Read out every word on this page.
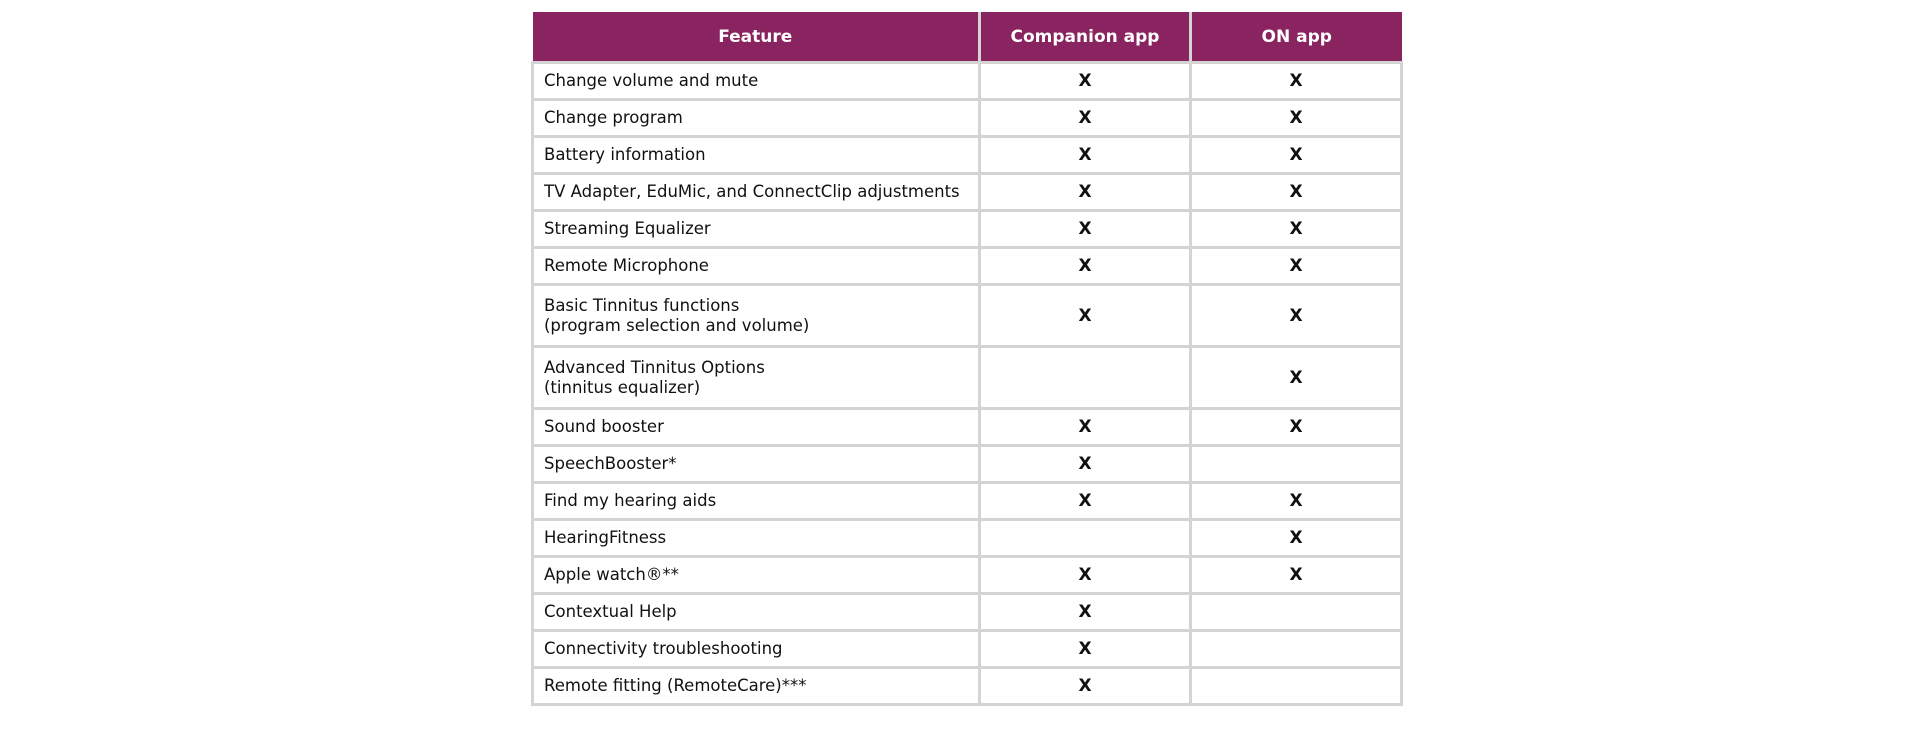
Feature	Companion app	ON app

Change volume and mute	X	X

Change program	X	X

Battery information	X	X

TV Adapter, EduMic, and ConnectClip adjustments	X	X

Streaming Equalizer	X	X

Remote Microphone	X	X

Basic Tinnitus functions
(program selection and volume)	X	X

Advanced Tinnitus Options
(tinnitus equalizer)		X

Sound booster	X	X

SpeechBooster*	X	

Find my hearing aids	X	X

HearingFitness		X

Apple watch®**	X	X

Contextual Help	X	

Connectivity troubleshooting	X	

Remote fitting (RemoteCare)***	X	
